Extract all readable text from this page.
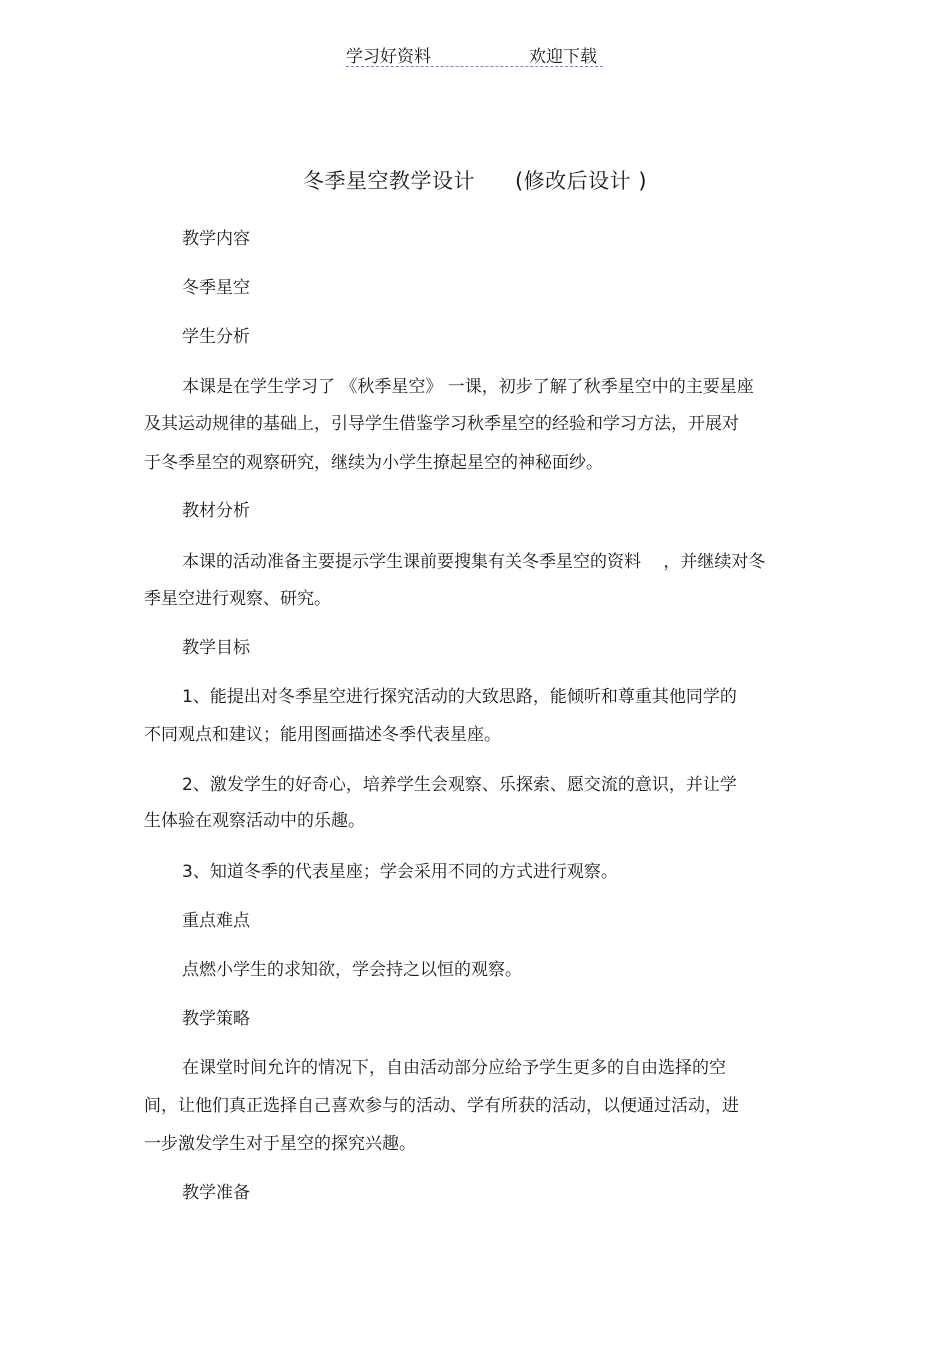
学习好资料	欢迎下载
冬季星空教学设计 (修改后设计 )
教学内容
冬季星空
学生分析
本课是在学生学习了 《秋季星空》 一课，初步了解了秋季星空中的主要星座
及其运动规律的基础上，引导学生借鉴学习秋季星空的经验和学习方法，开展对
于冬季星空的观察研究，继续为小学生撩起星空的神秘面纱。
教材分析
本课的活动准备主要提示学生课前要搜集有关冬季星空的资料　 ，并继续对冬
季星空进行观察、研究。
教学目标
1、能提出对冬季星空进行探究活动的大致思路，能倾听和尊重其他同学的
不同观点和建议；能用图画描述冬季代表星座。
2、激发学生的好奇心，培养学生会观察、乐探索、愿交流的意识，并让学
生体验在观察活动中的乐趣。
3、知道冬季的代表星座；学会采用不同的方式进行观察。
重点难点
点燃小学生的求知欲，学会持之以恒的观察。
教学策略
在课堂时间允许的情况下，自由活动部分应给予学生更多的自由选择的空
间，让他们真正选择自己喜欢参与的活动、学有所获的活动，以便通过活动，进
一步激发学生对于星空的探究兴趣。
教学准备
